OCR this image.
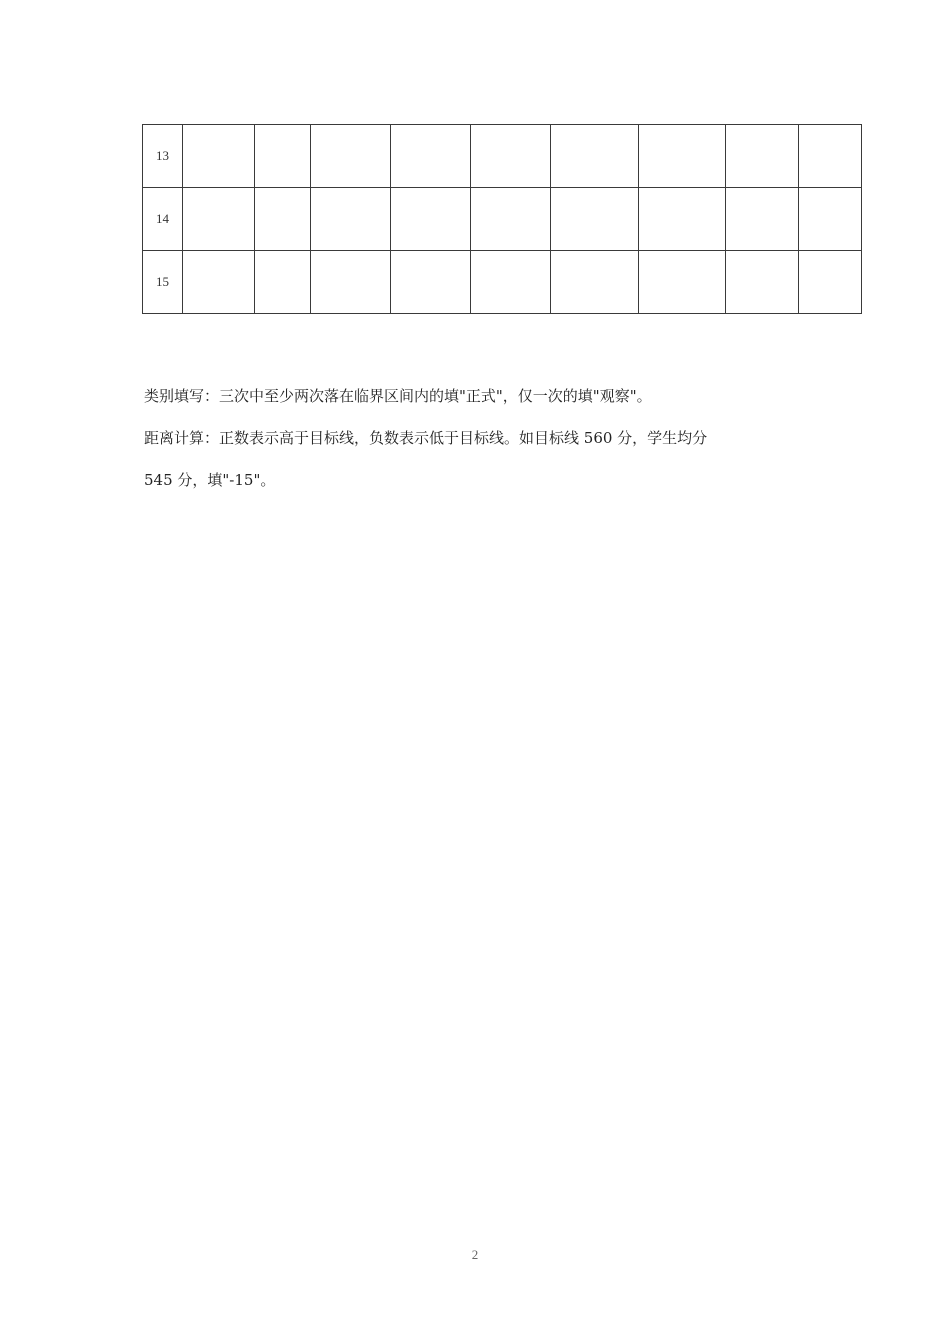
13									
14									
15									
类别填写：三次中至少两次落在临界区间内的填"正式"，仅一次的填"观察"。
距离计算：正数表示高于目标线，负数表示低于目标线。如目标线 560 分，学生均分
545 分，填"-15"。
2
